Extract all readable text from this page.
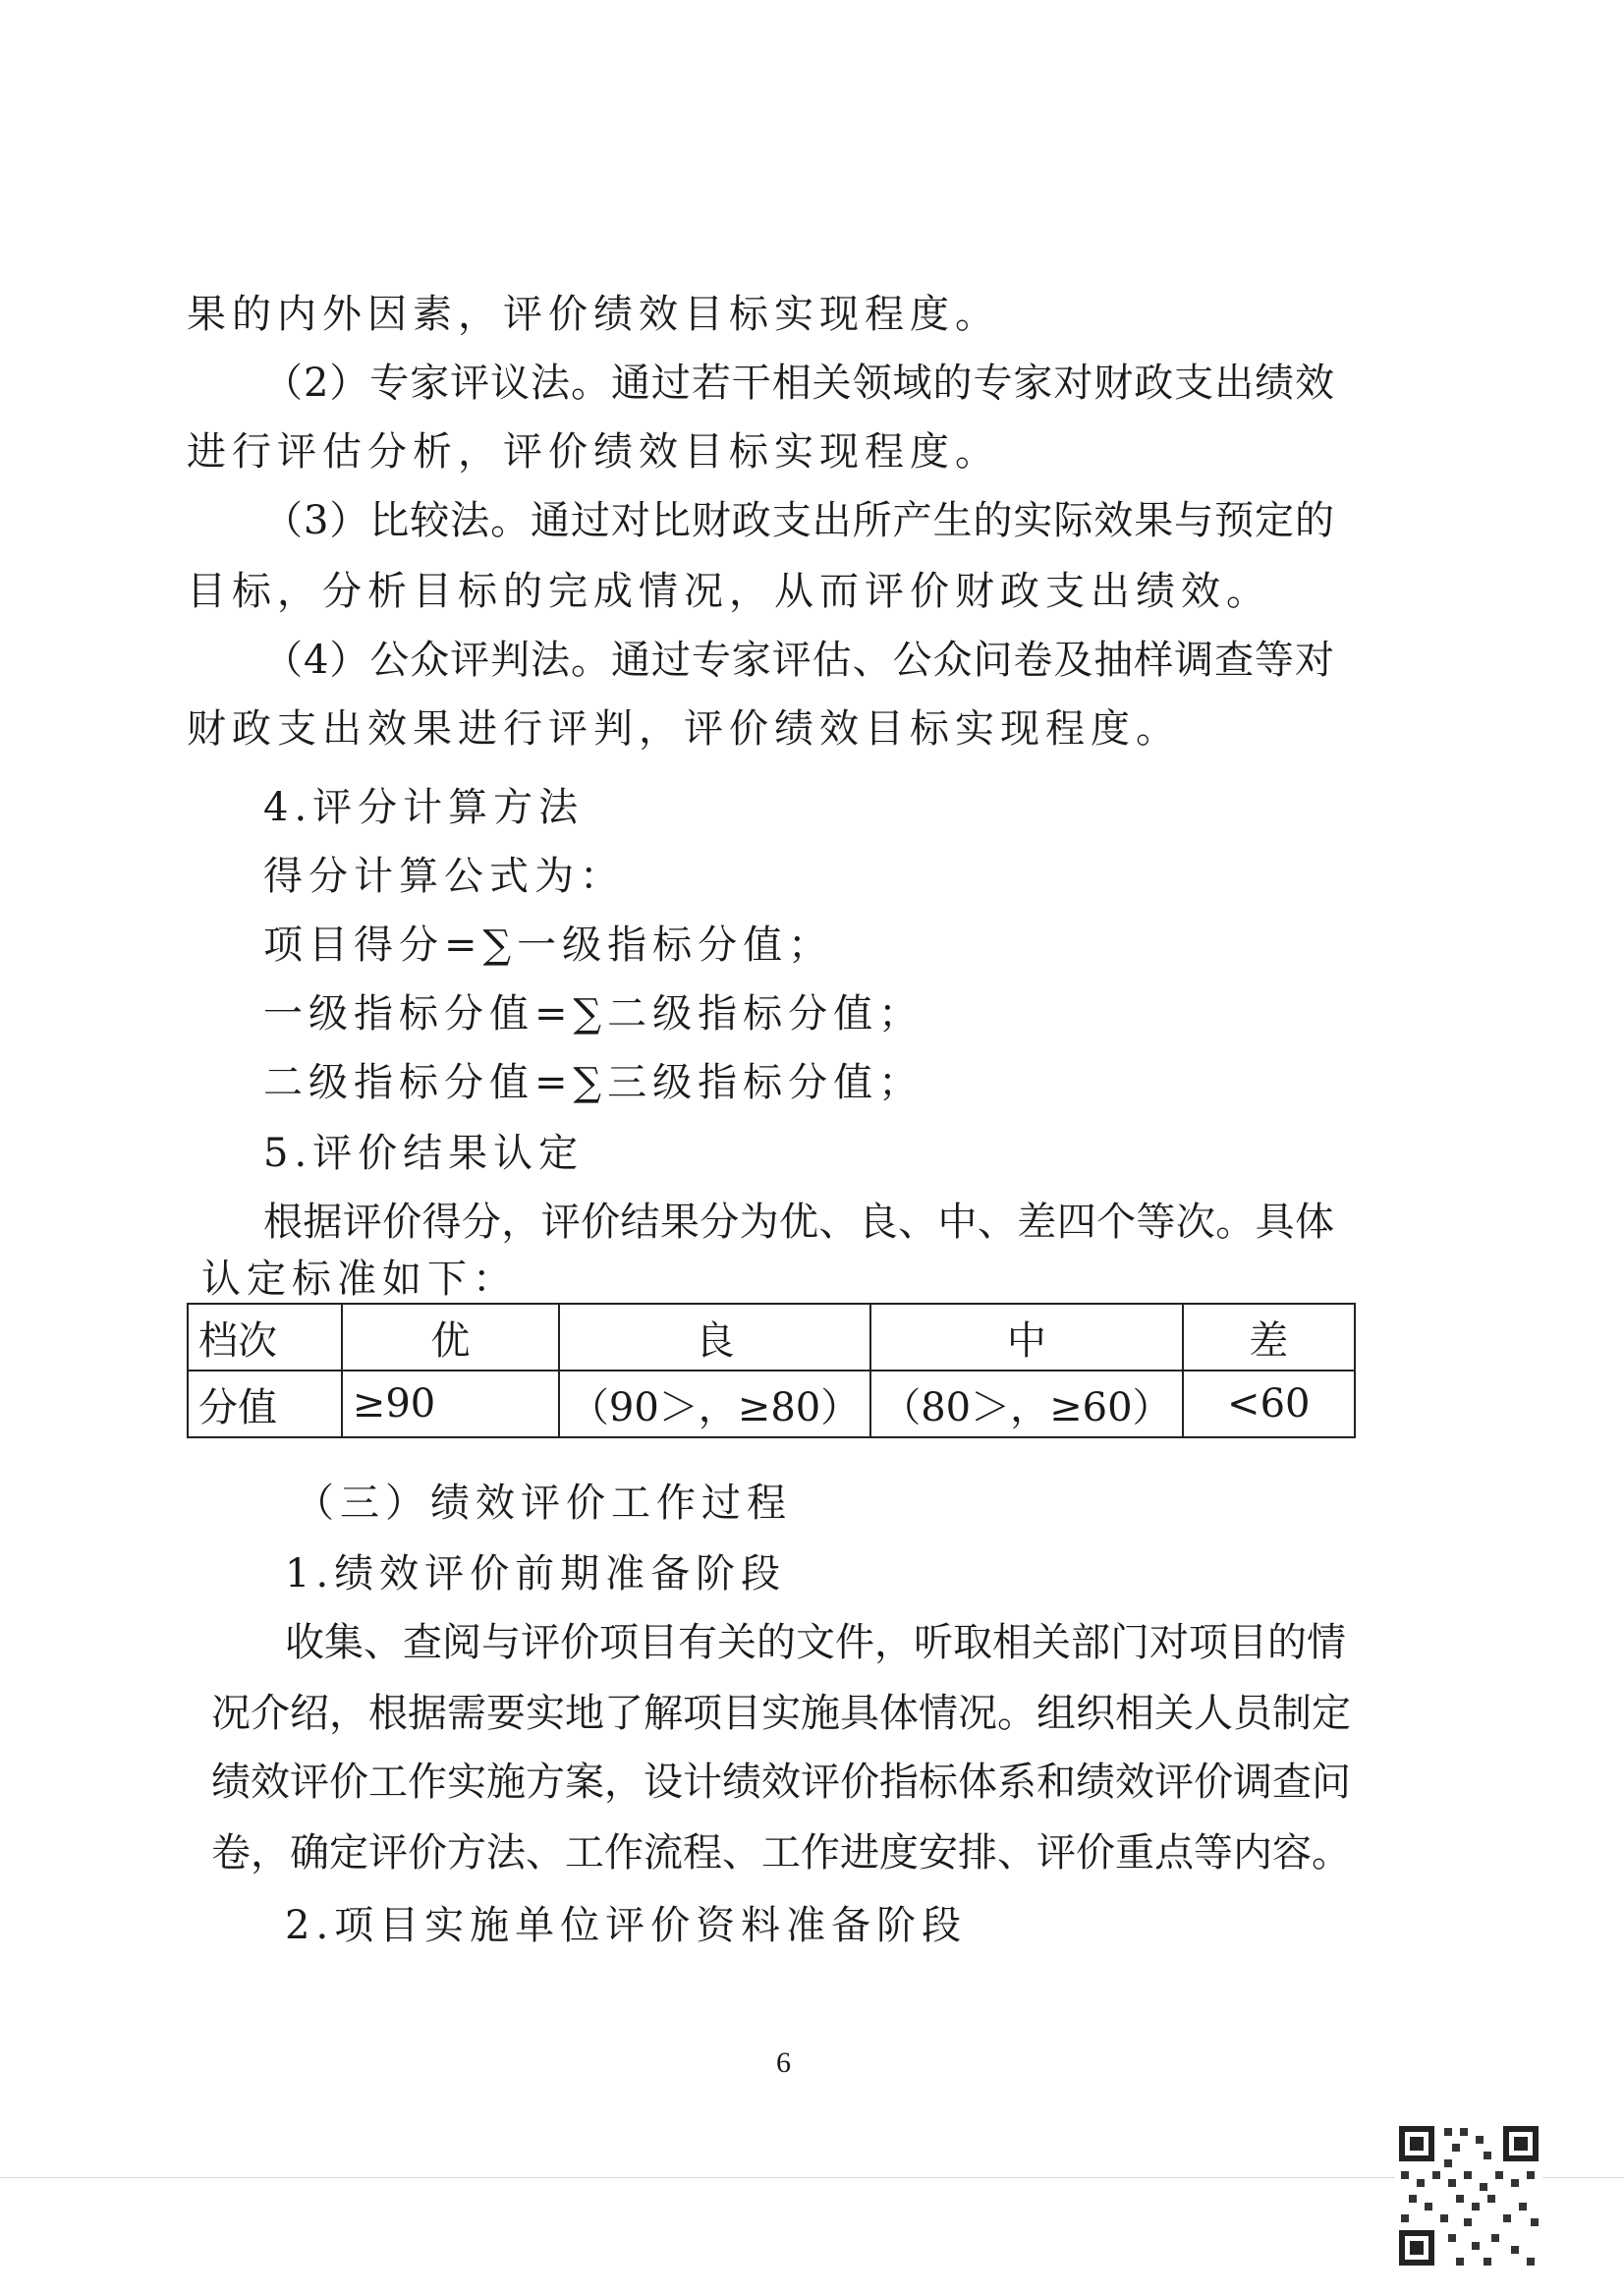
果的内外因素，评价绩效目标实现程度。
（2）专家评议法。通过若干相关领域的专家对财政支出绩效
进行评估分析，评价绩效目标实现程度。
（3）比较法。通过对比财政支出所产生的实际效果与预定的
目标，分析目标的完成情况，从而评价财政支出绩效。
（4）公众评判法。通过专家评估、公众问卷及抽样调查等对
财政支出效果进行评判，评价绩效目标实现程度。
4.评分计算方法
得分计算公式为：
项目得分=∑一级指标分值；
一级指标分值=∑二级指标分值；
二级指标分值=∑三级指标分值；
5.评价结果认定
根据评价得分，评价结果分为优、良、中、差四个等次。具体
认定标准如下：
档次	优	良	中	差
分值	≥90	（90＞，≥80）	（80＞，≥60）	<60
（三）绩效评价工作过程
1.绩效评价前期准备阶段
收集、查阅与评价项目有关的文件，听取相关部门对项目的情
况介绍，根据需要实地了解项目实施具体情况。组织相关人员制定
绩效评价工作实施方案，设计绩效评价指标体系和绩效评价调查问
卷，确定评价方法、工作流程、工作进度安排、评价重点等内容。
2.项目实施单位评价资料准备阶段
6
